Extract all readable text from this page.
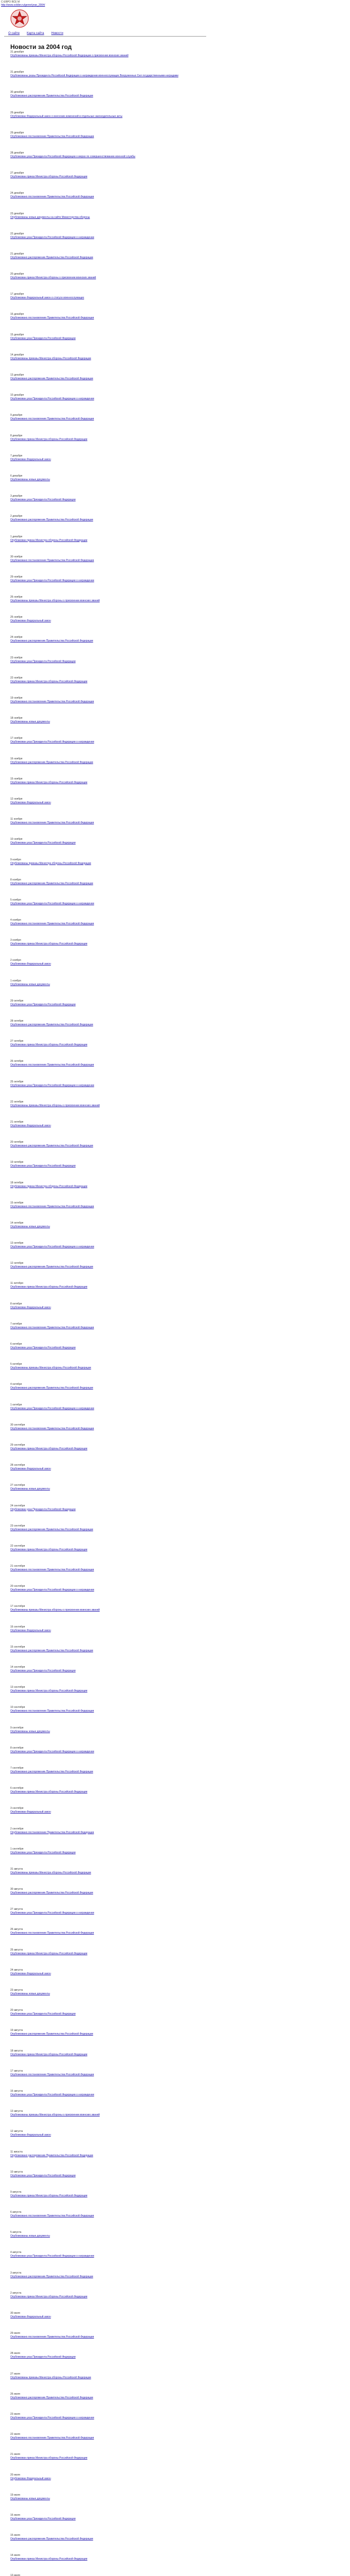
C-ЕВРО ВСЕ М
http://www.soldier.ru/genre/year_2004/
О сайте Карта сайта Новости
Новости за 2004 год
31 декабря
Опубликованы приказы Министра обороны Российской Федерации о присвоении воинских званий
31 декабря
Опубликованы указы Президента Российской Федерации о награждении военнослужащих Вооруженных Сил государственными наградами
30 декабря
Опубликовано распоряжение Правительства Российской Федерации
29 декабря
Опубликован Федеральный закон о внесении изменений в отдельные законодательные акты
29 декабря
Опубликовано постановление Правительства Российской Федерации
28 декабря
Опубликован указ Президента Российской Федерации о мерах по совершенствованию военной службы
27 декабря
Опубликован приказ Министра обороны Российской Федерации
24 декабря
Опубликовано постановление Правительства Российской Федерации
23 декабря
Опубликованы новые документы на сайте Министерства обороны
22 декабря
Опубликован указ Президента Российской Федерации о награждении
21 декабря
Опубликовано распоряжение Правительства Российской Федерации
20 декабря
Опубликован приказ Министра обороны о присвоении воинских званий
17 декабря
Опубликован Федеральный закон о статусе военнослужащих
16 декабря
Опубликовано постановление Правительства Российской Федерации
15 декабря
Опубликован указ Президента Российской Федерации
14 декабря
Опубликованы приказы Министра обороны Российской Федерации
13 декабря
Опубликовано распоряжение Правительства Российской Федерации
10 декабря
Опубликован указ Президента Российской Федерации о награждении
9 декабря
Опубликовано постановление Правительства Российской Федерации
8 декабря
Опубликован приказ Министра обороны Российской Федерации
7 декабря
Опубликован Федеральный закон
6 декабря
Опубликованы новые документы
3 декабря
Опубликован указ Президента Российской Федерации
2 декабря
Опубликовано распоряжение Правительства Российской Федерации
1 декабря
Опубликован приказ Министра обороны Российской Федерации
30 ноября
Опубликовано постановление Правительства Российской Федерации
29 ноября
Опубликован указ Президента Российской Федерации о награждении
26 ноября
Опубликованы приказы Министра обороны о присвоении воинских званий
25 ноября
Опубликован Федеральный закон
24 ноября
Опубликовано распоряжение Правительства Российской Федерации
23 ноября
Опубликован указ Президента Российской Федерации
22 ноября
Опубликован приказ Министра обороны Российской Федерации
19 ноября
Опубликовано постановление Правительства Российской Федерации
18 ноября
Опубликованы новые документы
17 ноября
Опубликован указ Президента Российской Федерации о награждении
16 ноября
Опубликовано распоряжение Правительства Российской Федерации
15 ноября
Опубликован приказ Министра обороны Российской Федерации
12 ноября
Опубликован Федеральный закон
11 ноября
Опубликовано постановление Правительства Российской Федерации
10 ноября
Опубликован указ Президента Российской Федерации
9 ноября
Опубликованы приказы Министра обороны Российской Федерации
8 ноября
Опубликовано распоряжение Правительства Российской Федерации
5 ноября
Опубликован указ Президента Российской Федерации о награждении
4 ноября
Опубликовано постановление Правительства Российской Федерации
3 ноября
Опубликован приказ Министра обороны Российской Федерации
2 ноября
Опубликован Федеральный закон
1 ноября
Опубликованы новые документы
29 октября
Опубликован указ Президента Российской Федерации
28 октября
Опубликовано распоряжение Правительства Российской Федерации
27 октября
Опубликован приказ Министра обороны Российской Федерации
26 октября
Опубликовано постановление Правительства Российской Федерации
25 октября
Опубликован указ Президента Российской Федерации о награждении
22 октября
Опубликованы приказы Министра обороны о присвоении воинских званий
21 октября
Опубликован Федеральный закон
20 октября
Опубликовано распоряжение Правительства Российской Федерации
19 октября
Опубликован указ Президента Российской Федерации
18 октября
Опубликован приказ Министра обороны Российской Федерации
15 октября
Опубликовано постановление Правительства Российской Федерации
14 октября
Опубликованы новые документы
13 октября
Опубликован указ Президента Российской Федерации о награждении
12 октября
Опубликовано распоряжение Правительства Российской Федерации
11 октября
Опубликован приказ Министра обороны Российской Федерации
8 октября
Опубликован Федеральный закон
7 октября
Опубликовано постановление Правительства Российской Федерации
6 октября
Опубликован указ Президента Российской Федерации
5 октября
Опубликованы приказы Министра обороны Российской Федерации
4 октября
Опубликовано распоряжение Правительства Российской Федерации
1 октября
Опубликован указ Президента Российской Федерации о награждении
30 сентября
Опубликовано постановление Правительства Российской Федерации
29 сентября
Опубликован приказ Министра обороны Российской Федерации
28 сентября
Опубликован Федеральный закон
27 сентября
Опубликованы новые документы
24 сентября
Опубликован указ Президента Российской Федерации
23 сентября
Опубликовано распоряжение Правительства Российской Федерации
22 сентября
Опубликован приказ Министра обороны Российской Федерации
21 сентября
Опубликовано постановление Правительства Российской Федерации
20 сентября
Опубликован указ Президента Российской Федерации о награждении
17 сентября
Опубликованы приказы Министра обороны о присвоении воинских званий
16 сентября
Опубликован Федеральный закон
15 сентября
Опубликовано распоряжение Правительства Российской Федерации
14 сентября
Опубликован указ Президента Российской Федерации
13 сентября
Опубликован приказ Министра обороны Российской Федерации
10 сентября
Опубликовано постановление Правительства Российской Федерации
9 сентября
Опубликованы новые документы
8 сентября
Опубликован указ Президента Российской Федерации о награждении
7 сентября
Опубликовано распоряжение Правительства Российской Федерации
6 сентября
Опубликован приказ Министра обороны Российской Федерации
3 сентября
Опубликован Федеральный закон
2 сентября
Опубликовано постановление Правительства Российской Федерации
1 сентября
Опубликован указ Президента Российской Федерации
31 августа
Опубликованы приказы Министра обороны Российской Федерации
30 августа
Опубликовано распоряжение Правительства Российской Федерации
27 августа
Опубликован указ Президента Российской Федерации о награждении
26 августа
Опубликовано постановление Правительства Российской Федерации
25 августа
Опубликован приказ Министра обороны Российской Федерации
24 августа
Опубликован Федеральный закон
23 августа
Опубликованы новые документы
20 августа
Опубликован указ Президента Российской Федерации
19 августа
Опубликовано распоряжение Правительства Российской Федерации
18 августа
Опубликован приказ Министра обороны Российской Федерации
17 августа
Опубликовано постановление Правительства Российской Федерации
16 августа
Опубликован указ Президента Российской Федерации о награждении
13 августа
Опубликованы приказы Министра обороны о присвоении воинских званий
12 августа
Опубликован Федеральный закон
11 августа
Опубликовано распоряжение Правительства Российской Федерации
10 августа
Опубликован указ Президента Российской Федерации
9 августа
Опубликован приказ Министра обороны Российской Федерации
6 августа
Опубликовано постановление Правительства Российской Федерации
5 августа
Опубликованы новые документы
4 августа
Опубликован указ Президента Российской Федерации о награждении
3 августа
Опубликовано распоряжение Правительства Российской Федерации
2 августа
Опубликован приказ Министра обороны Российской Федерации
30 июля
Опубликован Федеральный закон
29 июля
Опубликовано постановление Правительства Российской Федерации
28 июля
Опубликован указ Президента Российской Федерации
27 июля
Опубликованы приказы Министра обороны Российской Федерации
26 июля
Опубликовано распоряжение Правительства Российской Федерации
23 июля
Опубликован указ Президента Российской Федерации о награждении
22 июля
Опубликовано постановление Правительства Российской Федерации
21 июля
Опубликован приказ Министра обороны Российской Федерации
20 июля
Опубликован Федеральный закон
19 июля
Опубликованы новые документы
16 июля
Опубликован указ Президента Российской Федерации
15 июля
Опубликовано распоряжение Правительства Российской Федерации
14 июля
Опубликован приказ Министра обороны Российской Федерации
13 июля
